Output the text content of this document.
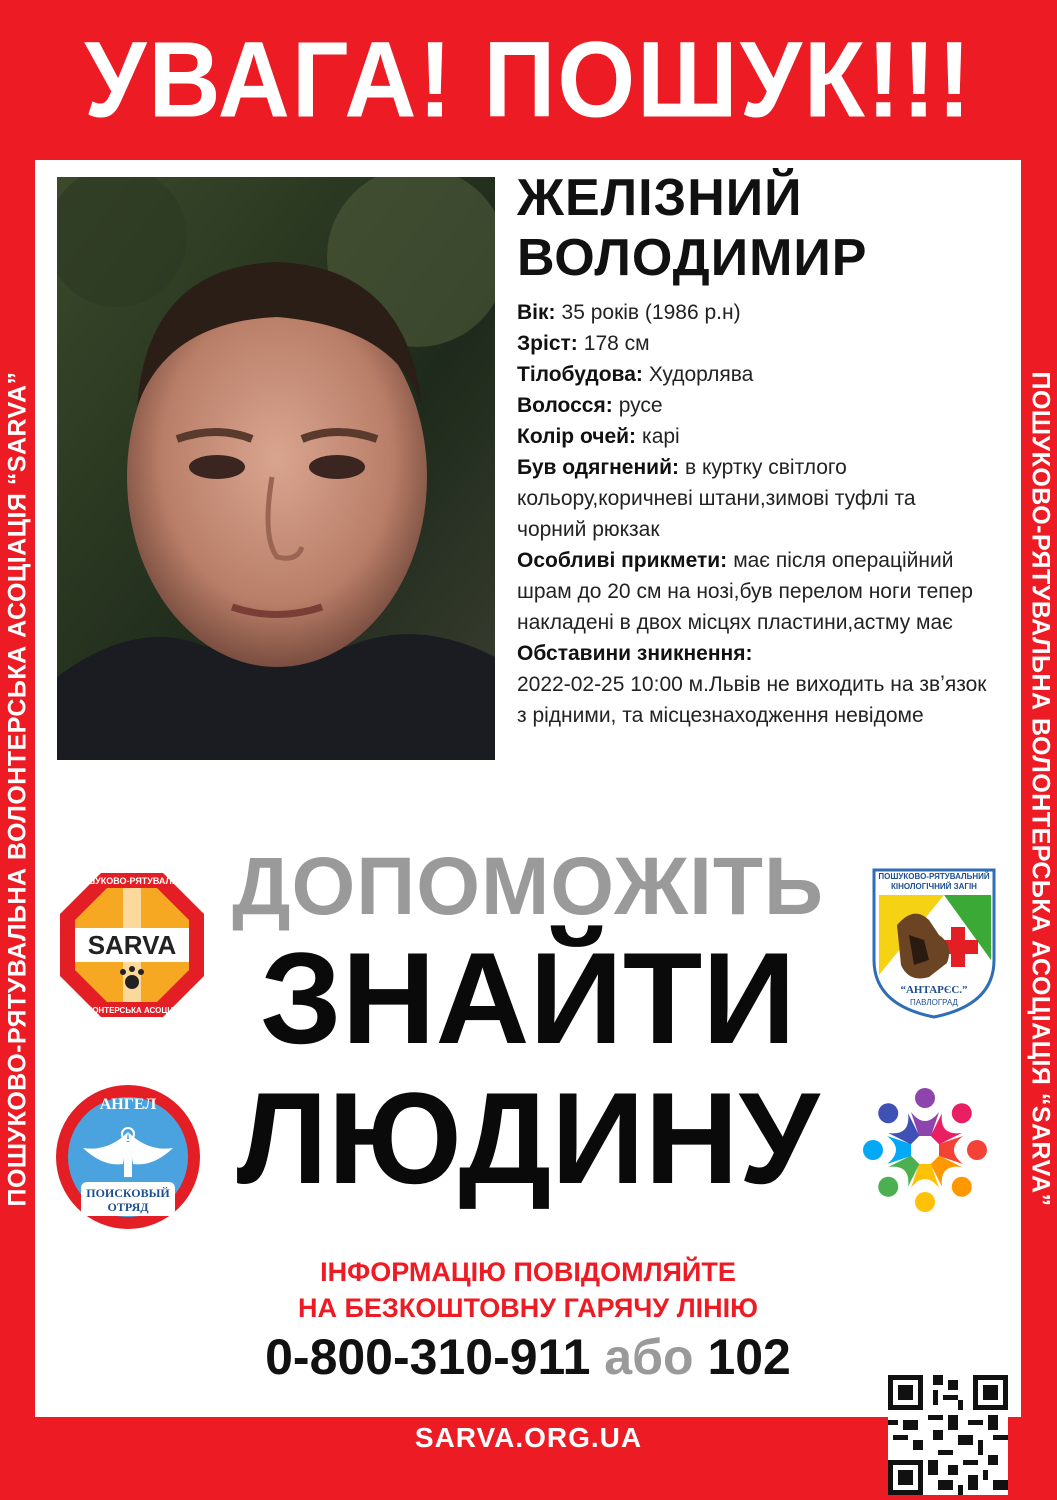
УВАГА! ПОШУК!!!
ПОШУКОВО-РЯТУВАЛЬНА ВОЛОНТЕРСЬКА АСОЦІАЦІЯ “SARVA”	ПОШУКОВО-РЯТУВАЛЬНА ВОЛОНТЕРСЬКА АСОЦІАЦІЯ “SARVA”
ЖЕЛІЗНИЙ
ВОЛОДИМИР
Вік: 35 років (1986 р.н)
Зріст: 178 см
Тілобудова: Худорлява
Волосся: русе
Колір очей: карі
Був одягнений: в куртку світлого кольору,коричневі штани,зимові туфлі та чорний рюкзак
Особливі прикмети: має після операційний шрам до 20 см на нозі,був перелом ноги тепер накладені в двох місцях пластини,астму має
Обставини зникнення:
2022-02-25 10:00 м.Львів не виходить на звʼязок з рідними, та місцезнаходження невідоме
ДОПОМОЖІТЬ
ЗНАЙТИ
ЛЮДИНУ
SARVA
ПОШУКОВО-РЯТУВАЛЬНА
ВОЛОНТЕРСЬКА АСОЦІАЦІЯ
ПОШУКОВО-РЯТУВАЛЬНИЙ
КІНОЛОГІЧНИЙ ЗАГІН
“АНТАРЄС.”
ПАВЛОГРАД
АНГЕЛ
ПОИСКОВЫЙ
ОТРЯД
ІНФОРМАЦІЮ ПОВІДОМЛЯЙТЕ
НА БЕЗКОШТОВНУ ГАРЯЧУ ЛІНІЮ
0-800-310-911 або 102
SARVA.ORG.UA
